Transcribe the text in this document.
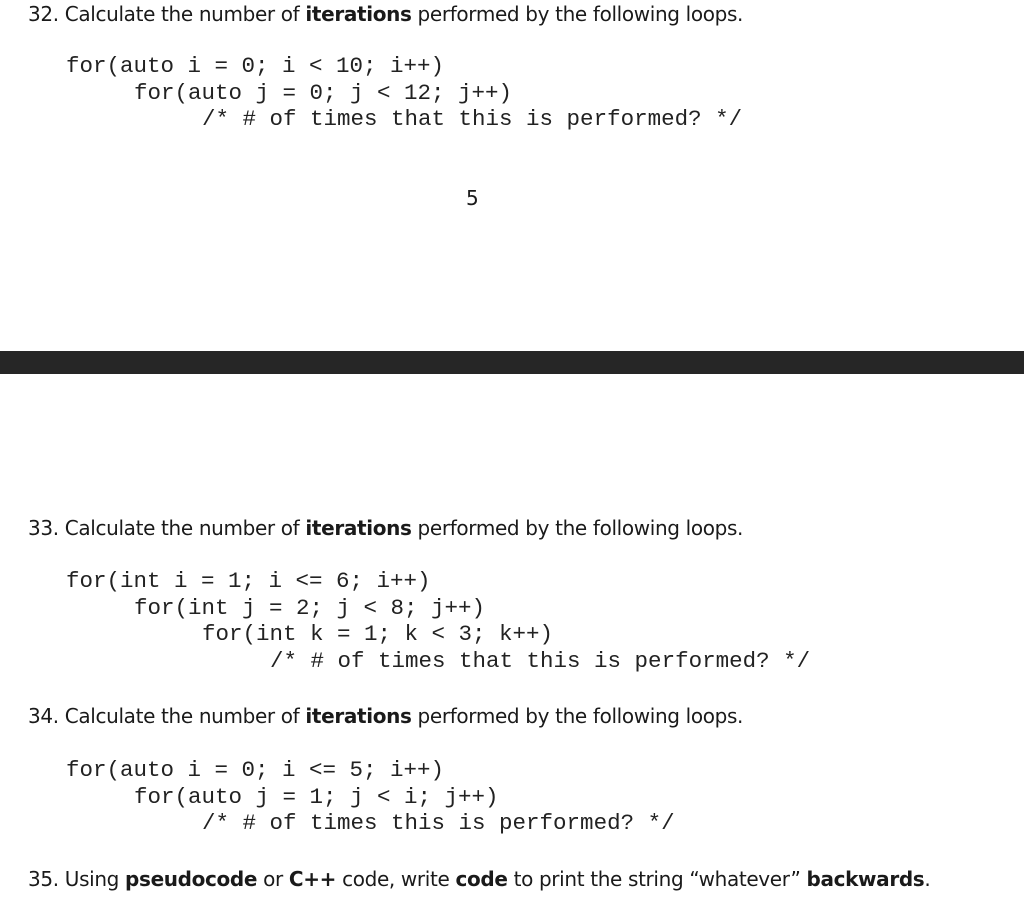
32. Calculate the number of iterations performed by the following loops.
for(auto i = 0; i < 10; i++)
for(auto j = 0; j < 12; j++)
/* # of times that this is performed? */
5
33. Calculate the number of iterations performed by the following loops.
for(int i = 1; i <= 6; i++)
for(int j = 2; j < 8; j++)
for(int k = 1; k < 3; k++)
/* # of times that this is performed? */
34. Calculate the number of iterations performed by the following loops.
for(auto i = 0; i <= 5; i++)
for(auto j = 1; j < i; j++)
/* # of times this is performed? */
35. Using pseudocode or C++ code, write code to print the string “whatever” backwards.
